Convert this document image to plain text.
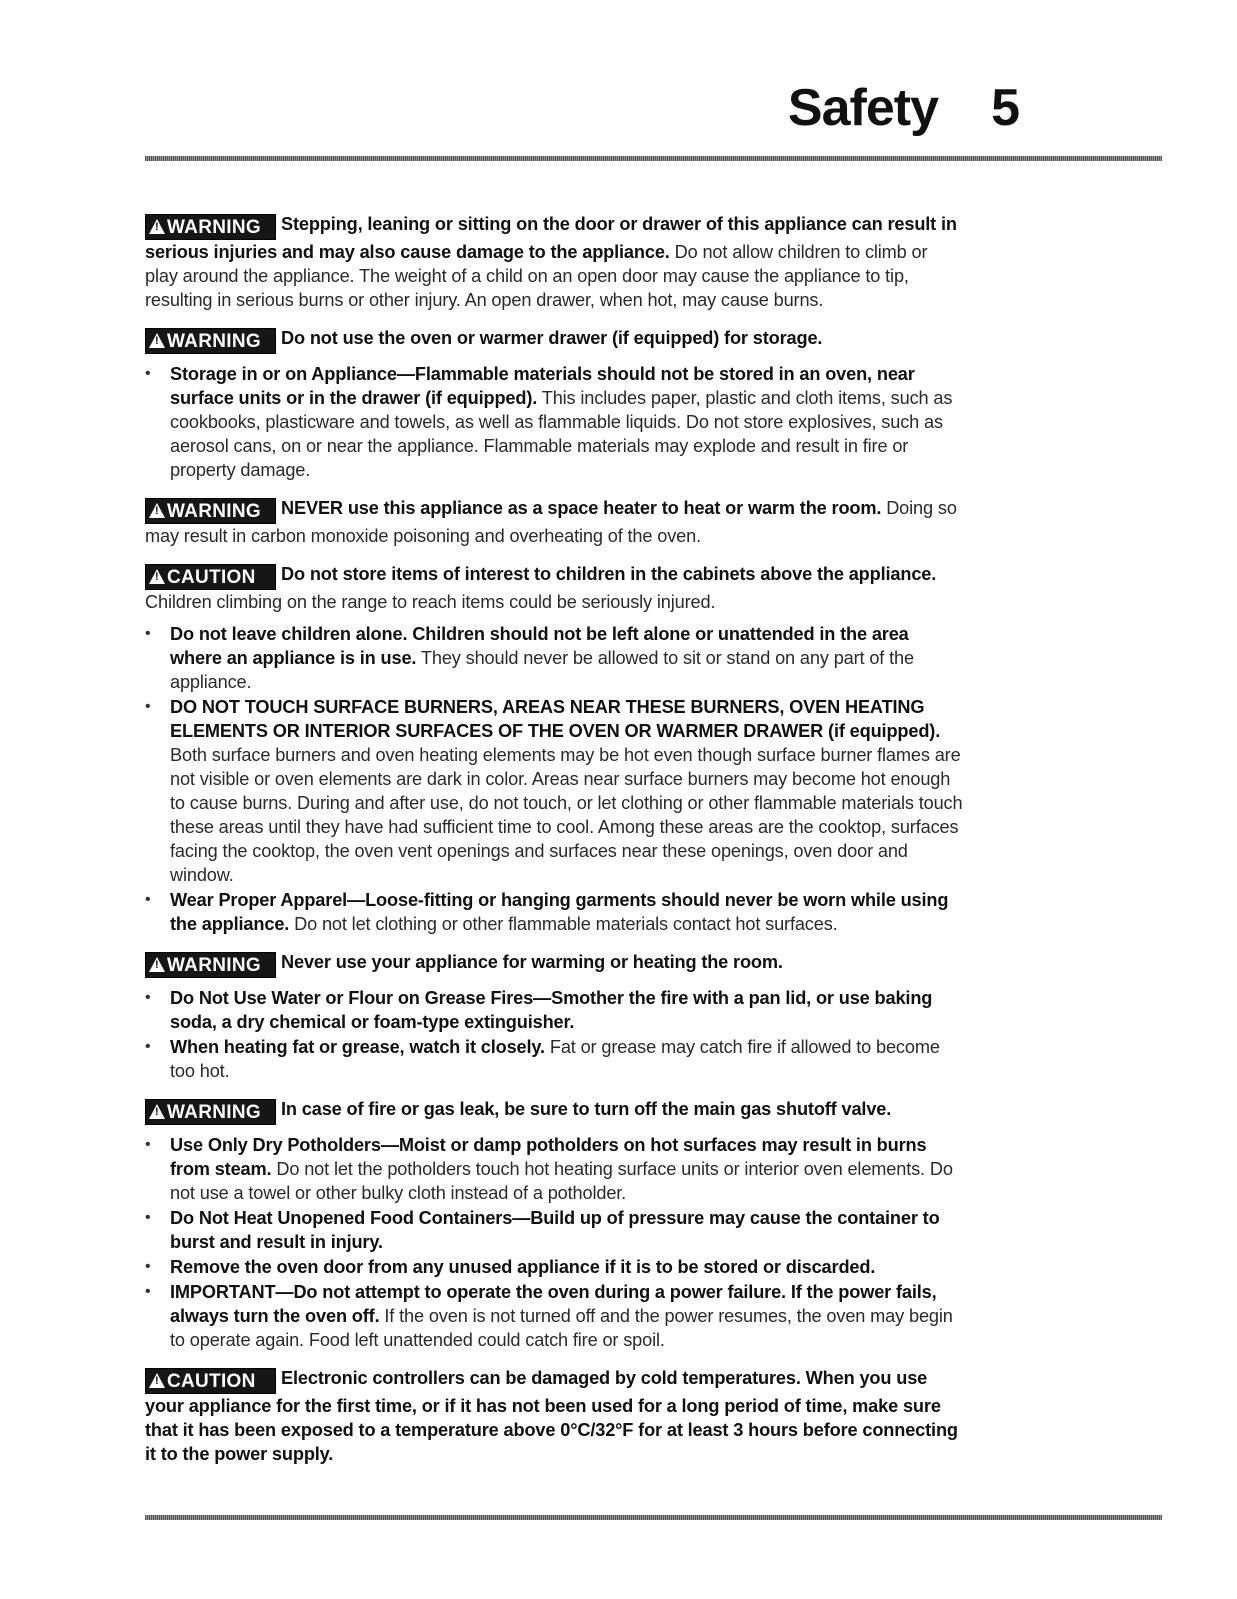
Safety 5

!WARNING Stepping, leaning or sitting on the door or drawer of this appliance can result in serious injuries and may also cause damage to the appliance. Do not allow children to climb or play around the appliance. The weight of a child on an open door may cause the appliance to tip, resulting in serious burns or other injury. An open drawer, when hot, may cause burns.

!WARNING Do not use the oven or warmer drawer (if equipped) for storage.

• Storage in or on Appliance—Flammable materials should not be stored in an oven, near surface units or in the drawer (if equipped). This includes paper, plastic and cloth items, such as cookbooks, plasticware and towels, as well as flammable liquids. Do not store explosives, such as aerosol cans, on or near the appliance. Flammable materials may explode and result in fire or property damage.

!WARNING NEVER use this appliance as a space heater to heat or warm the room. Doing so may result in carbon monoxide poisoning and overheating of the oven.

!CAUTION Do not store items of interest to children in the cabinets above the appliance. Children climbing on the range to reach items could be seriously injured.

• Do not leave children alone. Children should not be left alone or unattended in the area where an appliance is in use. They should never be allowed to sit or stand on any part of the appliance.
• DO NOT TOUCH SURFACE BURNERS, AREAS NEAR THESE BURNERS, OVEN HEATING ELEMENTS OR INTERIOR SURFACES OF THE OVEN OR WARMER DRAWER (if equipped). Both surface burners and oven heating elements may be hot even though surface burner flames are not visible or oven elements are dark in color. Areas near surface burners may become hot enough to cause burns. During and after use, do not touch, or let clothing or other flammable materials touch these areas until they have had sufficient time to cool. Among these areas are the cooktop, surfaces facing the cooktop, the oven vent openings and surfaces near these openings, oven door and window.
• Wear Proper Apparel—Loose-fitting or hanging garments should never be worn while using the appliance. Do not let clothing or other flammable materials contact hot surfaces.

!WARNING Never use your appliance for warming or heating the room.

• Do Not Use Water or Flour on Grease Fires—Smother the fire with a pan lid, or use baking soda, a dry chemical or foam-type extinguisher.
• When heating fat or grease, watch it closely. Fat or grease may catch fire if allowed to become too hot.

!WARNING In case of fire or gas leak, be sure to turn off the main gas shutoff valve.

• Use Only Dry Potholders—Moist or damp potholders on hot surfaces may result in burns from steam. Do not let the potholders touch hot heating surface units or interior oven elements. Do not use a towel or other bulky cloth instead of a potholder.
• Do Not Heat Unopened Food Containers—Build up of pressure may cause the container to burst and result in injury.
• Remove the oven door from any unused appliance if it is to be stored or discarded.
• IMPORTANT—Do not attempt to operate the oven during a power failure. If the power fails, always turn the oven off. If the oven is not turned off and the power resumes, the oven may begin to operate again. Food left unattended could catch fire or spoil.

!CAUTION Electronic controllers can be damaged by cold temperatures. When you use your appliance for the first time, or if it has not been used for a long period of time, make sure that it has been exposed to a temperature above 0°C/32°F for at least 3 hours before connecting it to the power supply.
